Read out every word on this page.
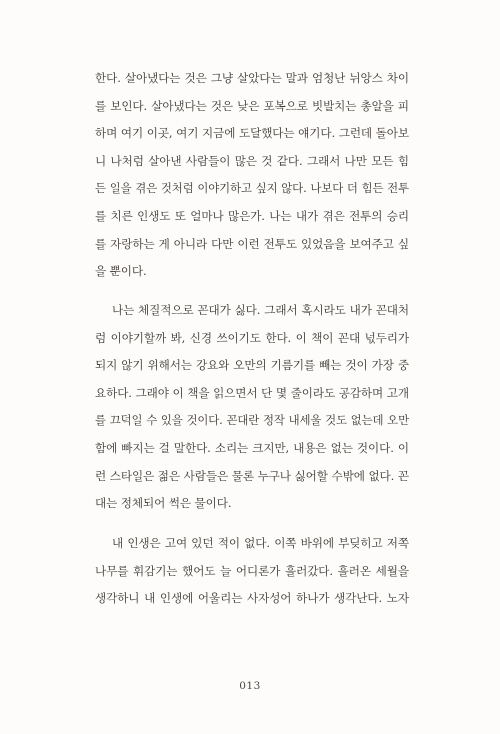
한다. 살아냈다는 것은 그냥 살았다는 말과 엄청난 뉘앙스 차이
를 보인다. 살아냈다는 것은 낮은 포복으로 빗발치는 총알을 피
하며 여기 이곳, 여기 지금에 도달했다는 얘기다. 그런데 돌아보
니 나처럼 살아낸 사람들이 많은 것 같다. 그래서 나만 모든 힘
든 일을 겪은 것처럼 이야기하고 싶지 않다. 나보다 더 힘든 전투
를 치른 인생도 또 얼마나 많은가. 나는 내가 겪은 전투의 승리
를 자랑하는 게 아니라 다만 이런 전투도 있었음을 보여주고 싶
을 뿐이다.
나는 체질적으로 꼰대가 싫다. 그래서 혹시라도 내가 꼰대처
럼 이야기할까 봐, 신경 쓰이기도 한다. 이 책이 꼰대 넋두리가
되지 않기 위해서는 강요와 오만의 기름기를 빼는 것이 가장 중
요하다. 그래야 이 책을 읽으면서 단 몇 줄이라도 공감하며 고개
를 끄덕일 수 있을 것이다. 꼰대란 정작 내세울 것도 없는데 오만
함에 빠지는 걸 말한다. 소리는 크지만, 내용은 없는 것이다. 이
런 스타일은 젊은 사람들은 물론 누구나 싫어할 수밖에 없다. 꼰
대는 정체되어 썩은 물이다.
내 인생은 고여 있던 적이 없다. 이쪽 바위에 부딪히고 저쪽
나무를 휘감기는 했어도 늘 어디론가 흘러갔다. 흘러온 세월을
생각하니 내 인생에 어울리는 사자성어 하나가 생각난다. 노자
013
